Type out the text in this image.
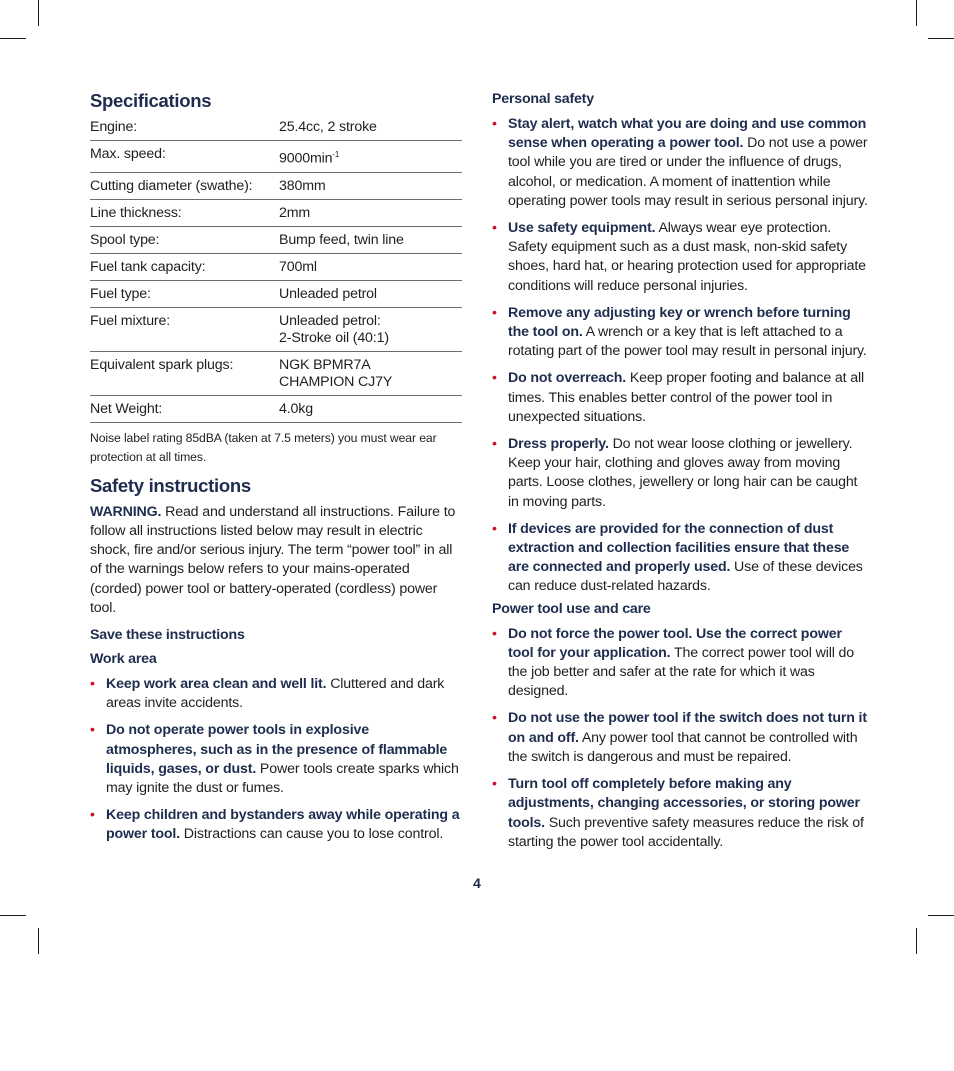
Specifications
Engine:	25.4cc, 2 stroke
Max. speed:	$9000\min^{-1}$
Cutting diameter (swathe):	380mm
Line thickness:	2mm
Spool type:	Bump feed, twin line
Fuel tank capacity:	700ml
Fuel type:	Unleaded petrol
Fuel mixture:	Unleaded petrol:
2-Stroke oil (40:1)
Equivalent spark plugs:	NGK BPMR7A
CHAMPION CJ7Y
Net Weight:	4.0kg
Noise label rating 85dBA (taken at 7.5 meters) you must wear ear protection at all times.
Safety instructions

WARNING. Read and understand all instructions. Failure to follow all instructions listed below may result in electric shock, fire and/or serious injury. The term “power tool” in all of the warnings below refers to your mains-operated (corded) power tool or battery-operated (cordless) power tool.

Save these instructions
Work area
• Keep work area clean and well lit. Cluttered and dark areas invite accidents.
• Do not operate power tools in explosive atmospheres, such as in the presence of flammable liquids, gases, or dust. Power tools create sparks which may ignite the dust or fumes.
• Keep children and bystanders away while operating a power tool. Distractions can cause you to lose control.
Personal safety
• Stay alert, watch what you are doing and use common sense when operating a power tool. Do not use a power tool while you are tired or under the influence of drugs, alcohol, or medication. A moment of inattention while operating power tools may result in serious personal injury.
• Use safety equipment. Always wear eye protection. Safety equipment such as a dust mask, non-skid safety shoes, hard hat, or hearing protection used for appropriate conditions will reduce personal injuries.
• Remove any adjusting key or wrench before turning the tool on. A wrench or a key that is left attached to a rotating part of the power tool may result in personal injury.
• Do not overreach. Keep proper footing and balance at all times. This enables better control of the power tool in unexpected situations.
• Dress properly. Do not wear loose clothing or jewellery. Keep your hair, clothing and gloves away from moving parts. Loose clothes, jewellery or long hair can be caught in moving parts.
• If devices are provided for the connection of dust extraction and collection facilities ensure that these are connected and properly used. Use of these devices can reduce dust-related hazards.
Power tool use and care
• Do not force the power tool. Use the correct power tool for your application. The correct power tool will do the job better and safer at the rate for which it was designed.
• Do not use the power tool if the switch does not turn it on and off. Any power tool that cannot be controlled with the switch is dangerous and must be repaired.
• Turn tool off completely before making any adjustments, changing accessories, or storing power tools. Such preventive safety measures reduce the risk of starting the power tool accidentally.
4
